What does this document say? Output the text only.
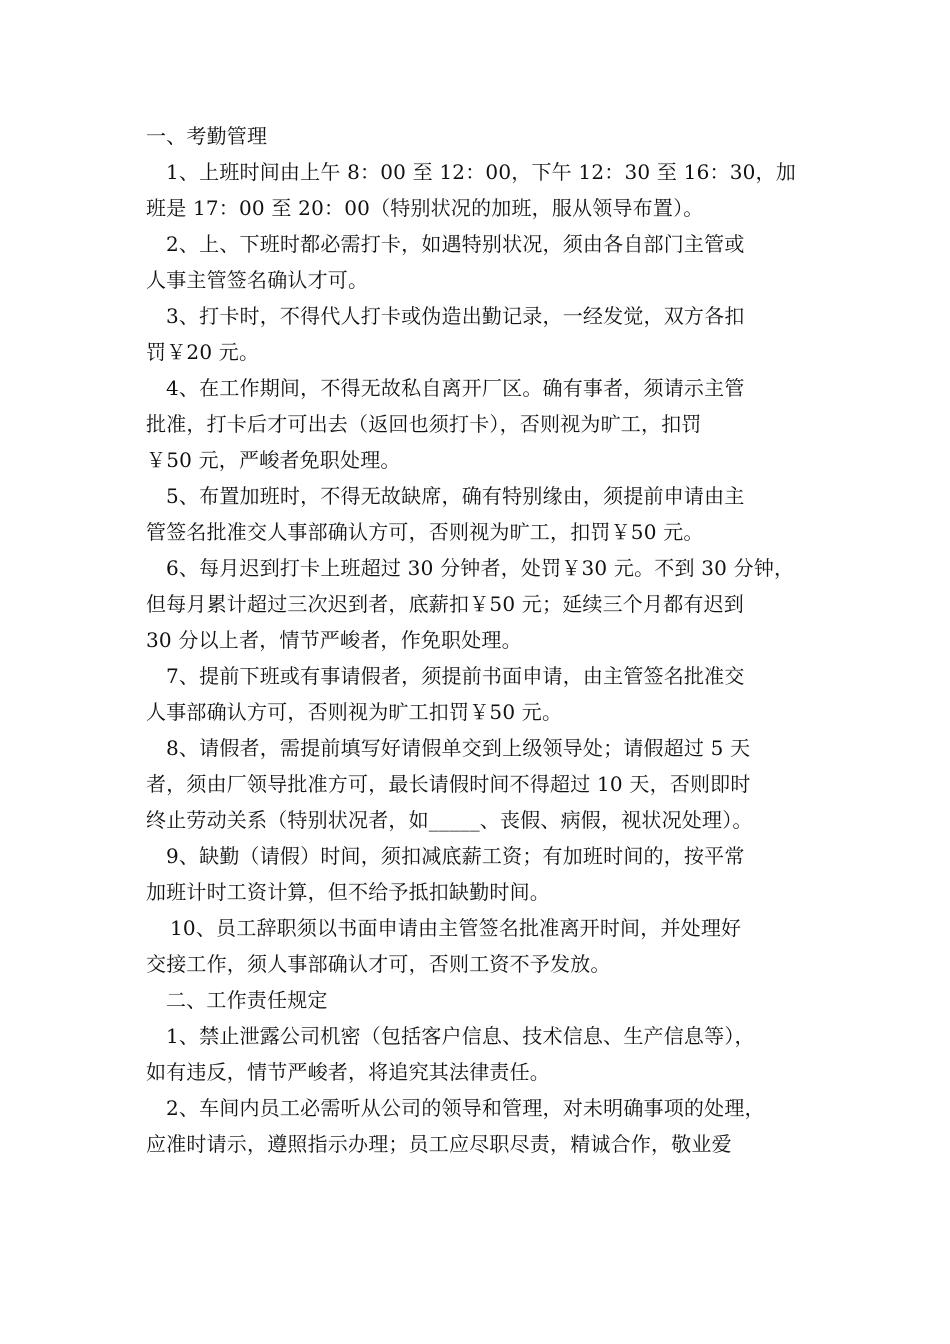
一、考勤管理
1、上班时间由上午 8：00 至 12：00，下午 12：30 至 16：30，加
班是 17：00 至 20：00（特别状况的加班，服从领导布置）。
2、上、下班时都必需打卡，如遇特别状况，须由各自部门主管或
人事主管签名确认才可。
3、打卡时，不得代人打卡或伪造出勤记录，一经发觉，双方各扣
罚￥20 元。
4、在工作期间，不得无故私自离开厂区。确有事者，须请示主管
批准，打卡后才可出去（返回也须打卡），否则视为旷工，扣罚
￥50 元，严峻者免职处理。
5、布置加班时，不得无故缺席，确有特别缘由，须提前申请由主
管签名批准交人事部确认方可，否则视为旷工，扣罚￥50 元。
6、每月迟到打卡上班超过 30 分钟者，处罚￥30 元。不到 30 分钟，
但每月累计超过三次迟到者，底薪扣￥50 元；延续三个月都有迟到
30 分以上者，情节严峻者，作免职处理。
7、提前下班或有事请假者，须提前书面申请，由主管签名批准交
人事部确认方可，否则视为旷工扣罚￥50 元。
8、请假者，需提前填写好请假单交到上级领导处；请假超过 5 天
者，须由厂领导批准方可，最长请假时间不得超过 10 天，否则即时
终止劳动关系（特别状况者，如_____、丧假、病假，视状况处理）。
9、缺勤（请假）时间，须扣减底薪工资；有加班时间的，按平常
加班计时工资计算，但不给予抵扣缺勤时间。
10、员工辞职须以书面申请由主管签名批准离开时间，并处理好
交接工作，须人事部确认才可，否则工资不予发放。
二、工作责任规定
1、禁止泄露公司机密（包括客户信息、技术信息、生产信息等），
如有违反，情节严峻者，将追究其法律责任。
2、车间内员工必需听从公司的领导和管理，对未明确事项的处理，
应准时请示，遵照指示办理；员工应尽职尽责，精诚合作，敬业爱
